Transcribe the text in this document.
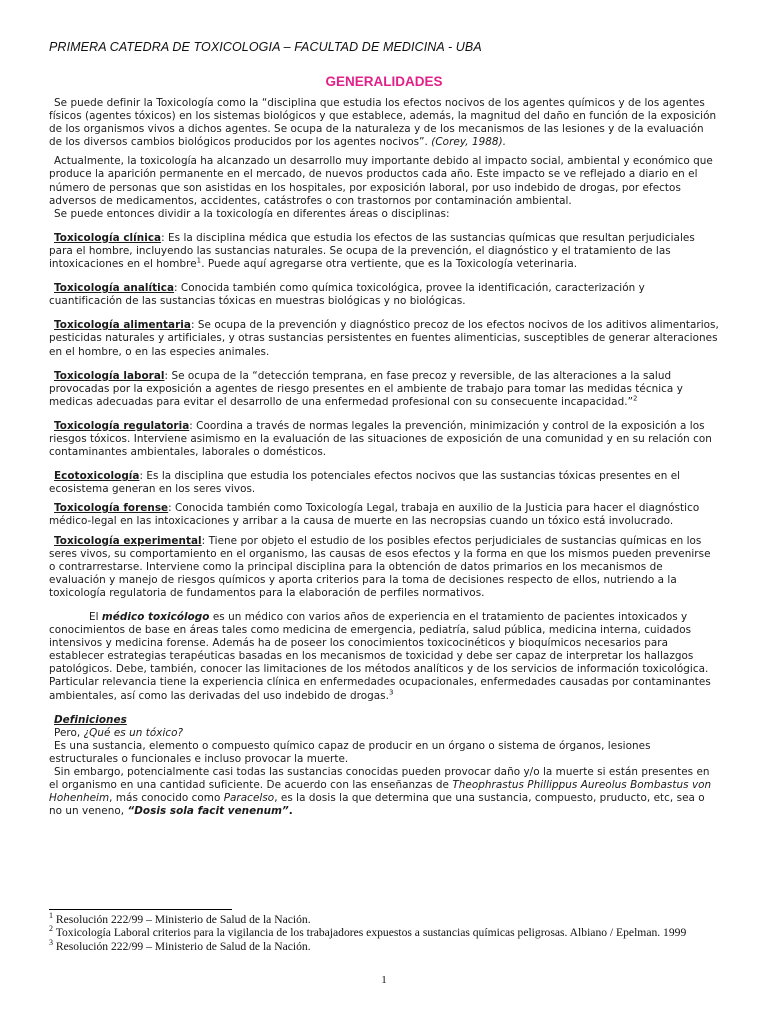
PRIMERA CATEDRA DE TOXICOLOGIA – FACULTAD DE MEDICINA - UBA
GENERALIDADES

Se puede definir la Toxicología como la “disciplina que estudia los efectos nocivos de los agentes químicos y de los agentes físicos (agentes tóxicos) en los sistemas biológicos y que establece, además, la magnitud del daño en función de la exposición de los organismos vivos a dichos agentes. Se ocupa de la naturaleza y de los mecanismos de las lesiones y de la evaluación de los diversos cambios biológicos producidos por los agentes nocivos”. (Corey, 1988).

Actualmente, la toxicología ha alcanzado un desarrollo muy importante debido al impacto social, ambiental y económico que produce la aparición permanente en el mercado, de nuevos productos cada año. Este impacto se ve reflejado a diario en el número de personas que son asistidas en los hospitales, por exposición laboral, por uso indebido de drogas, por efectos adversos de medicamentos, accidentes, catástrofes o con trastornos por contaminación ambiental.

Se puede entonces dividir a la toxicología en diferentes áreas o disciplinas:

Toxicología clínica: Es la disciplina médica que estudia los efectos de las sustancias químicas que resultan perjudiciales para el hombre, incluyendo las sustancias naturales. Se ocupa de la prevención, el diagnóstico y el tratamiento de las intoxicaciones en el hombre$^1$. Puede aquí agregarse otra vertiente, que es la Toxicología veterinaria.

Toxicología analítica: Conocida también como química toxicológica, provee la identificación, caracterización y cuantificación de las sustancias tóxicas en muestras biológicas y no biológicas.

Toxicología alimentaria: Se ocupa de la prevención y diagnóstico precoz de los efectos nocivos de los aditivos alimentarios, pesticidas naturales y artificiales, y otras sustancias persistentes en fuentes alimenticias, susceptibles de generar alteraciones en el hombre, o en las especies animales.

Toxicología laboral: Se ocupa de la “detección temprana, en fase precoz y reversible, de las alteraciones a la salud provocadas por la exposición a agentes de riesgo presentes en el ambiente de trabajo para tomar las medidas técnica y medicas adecuadas para evitar el desarrollo de una enfermedad profesional con su consecuente incapacidad.”$^2$

Toxicología regulatoria: Coordina a través de normas legales la prevención, minimización y control de la exposición a los riesgos tóxicos. Interviene asimismo en la evaluación de las situaciones de exposición de una comunidad y en su relación con contaminantes ambientales, laborales o domésticos.

Ecotoxicología: Es la disciplina que estudia los potenciales efectos nocivos que las sustancias tóxicas presentes en el ecosistema generan en los seres vivos.

Toxicología forense: Conocida también como Toxicología Legal, trabaja en auxilio de la Justicia para hacer el diagnóstico médico-legal en las intoxicaciones y arribar a la causa de muerte en las necropsias cuando un tóxico está involucrado.

Toxicología experimental: Tiene por objeto el estudio de los posibles efectos perjudiciales de sustancias químicas en los seres vivos, su comportamiento en el organismo, las causas de esos efectos y la forma en que los mismos pueden prevenirse o contrarrestarse. Interviene como la principal disciplina para la obtención de datos primarios en los mecanismos de evaluación y manejo de riesgos químicos y aporta criterios para la toma de decisiones respecto de ellos, nutriendo a la toxicología regulatoria de fundamentos para la elaboración de perfiles normativos.

El médico toxicólogo es un médico con varios años de experiencia en el tratamiento de pacientes intoxicados y conocimientos de base en áreas tales como medicina de emergencia, pediatría, salud pública, medicina interna, cuidados intensivos y medicina forense. Además ha de poseer los conocimientos toxicocinéticos y bioquímicos necesarios para establecer estrategias terapéuticas basadas en los mecanismos de toxicidad y debe ser capaz de interpretar los hallazgos patológicos. Debe, también, conocer las limitaciones de los métodos analíticos y de los servicios de información toxicológica. Particular relevancia tiene la experiencia clínica en enfermedades ocupacionales, enfermedades causadas por contaminantes ambientales, así como las derivadas del uso indebido de drogas.$^3$

Definiciones

Pero, ¿Qué es un tóxico?

Es una sustancia, elemento o compuesto químico capaz de producir en un órgano o sistema de órganos, lesiones estructurales o funcionales e incluso provocar la muerte.

Sin embargo, potencialmente casi todas las sustancias conocidas pueden provocar daño y/o la muerte si están presentes en el organismo en una cantidad suficiente. De acuerdo con las enseñanzas de Theophrastus Phillippus Aureolus Bombastus von Hohenheim, más conocido como Paracelso, es la dosis la que determina que una sustancia, compuesto, pruducto, etc, sea o no un veneno, “Dosis sola facit venenum”.

$^1$ Resolución 222/99 – Ministerio de Salud de la Nación.

$^2$ Toxicología Laboral criterios para la vigilancia de los trabajadores expuestos a sustancias químicas peligrosas. Albiano / Epelman. 1999

$^3$ Resolución 222/99 – Ministerio de Salud de la Nación.

1
